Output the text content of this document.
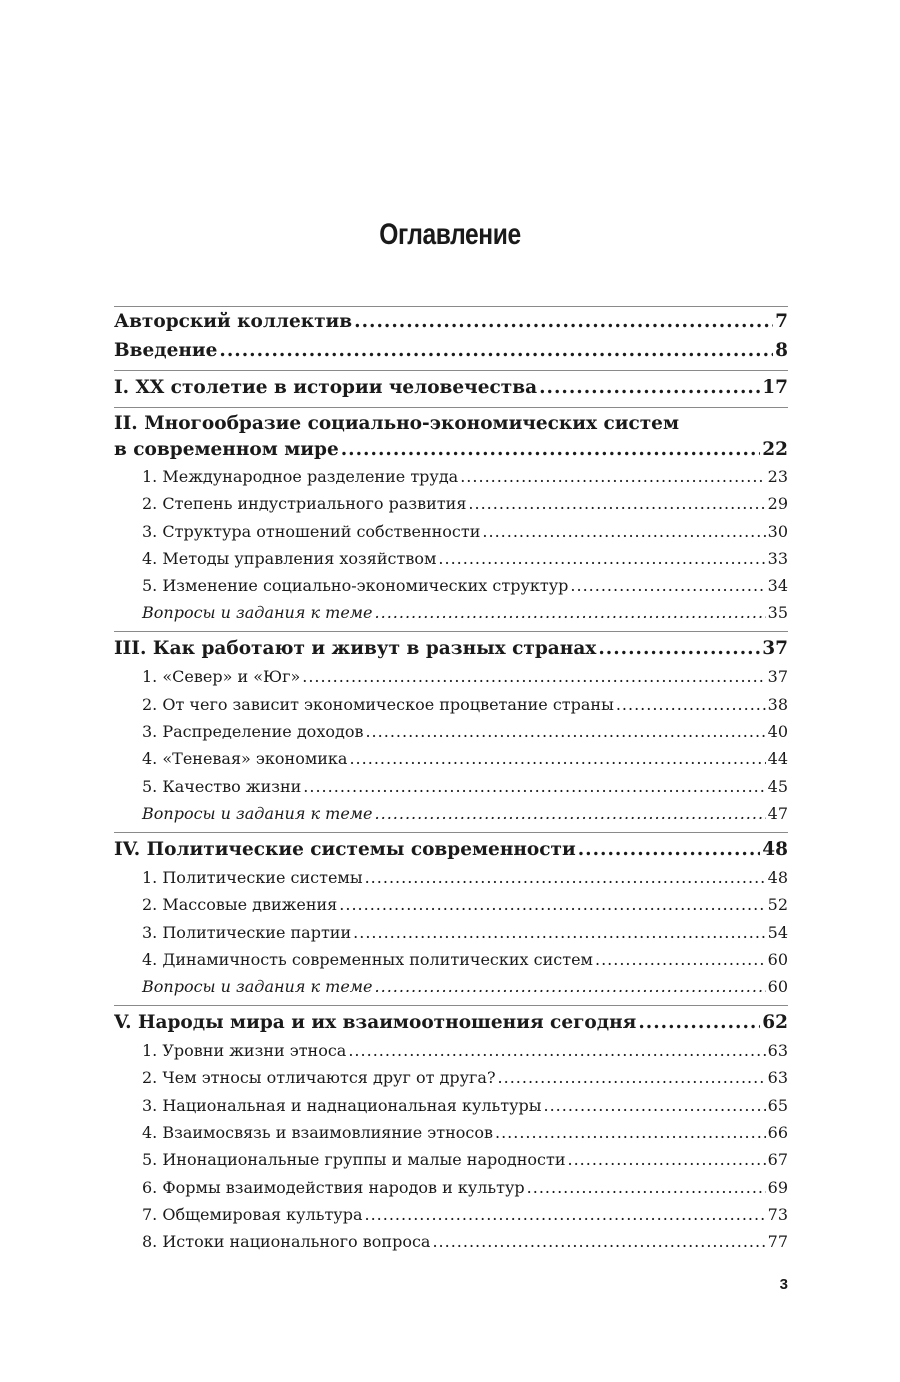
Оглавление
Авторский коллектив .....	7
Введение .....	8
I. XX столетие в истории человечества .....	17
II. Многообразие социально-экономических систем
в современном мире .....	22
1. Международное разделение труда .....	23
2. Степень индустриального развития .....	29
3. Структура отношений собственности .....	30
4. Методы управления хозяйством .....	33
5. Изменение социально-экономических структур .....	34
Вопросы и задания к теме .....	35
III. Как работают и живут в разных странах .....	37
1. «Север» и «Юг» .....	37
2. От чего зависит экономическое процветание страны .....	38
3. Распределение доходов .....	40
4. «Теневая» экономика .....	44
5. Качество жизни .....	45
Вопросы и задания к теме .....	47
IV. Политические системы современности .....	48
1. Политические системы .....	48
2. Массовые движения .....	52
3. Политические партии .....	54
4. Динамичность современных политических систем .....	60
Вопросы и задания к теме .....	60
V. Народы мира и их взаимоотношения сегодня .....	62
1. Уровни жизни этноса .....	63
2. Чем этносы отличаются друг от друга? .....	63
3. Национальная и наднациональная культуры .....	65
4. Взаимосвязь и взаимовлияние этносов .....	66
5. Инонациональные группы и малые народности .....	67
6. Формы взаимодействия народов и культур .....	69
7. Общемировая культура .....	73
8. Истоки национального вопроса .....	77
3
